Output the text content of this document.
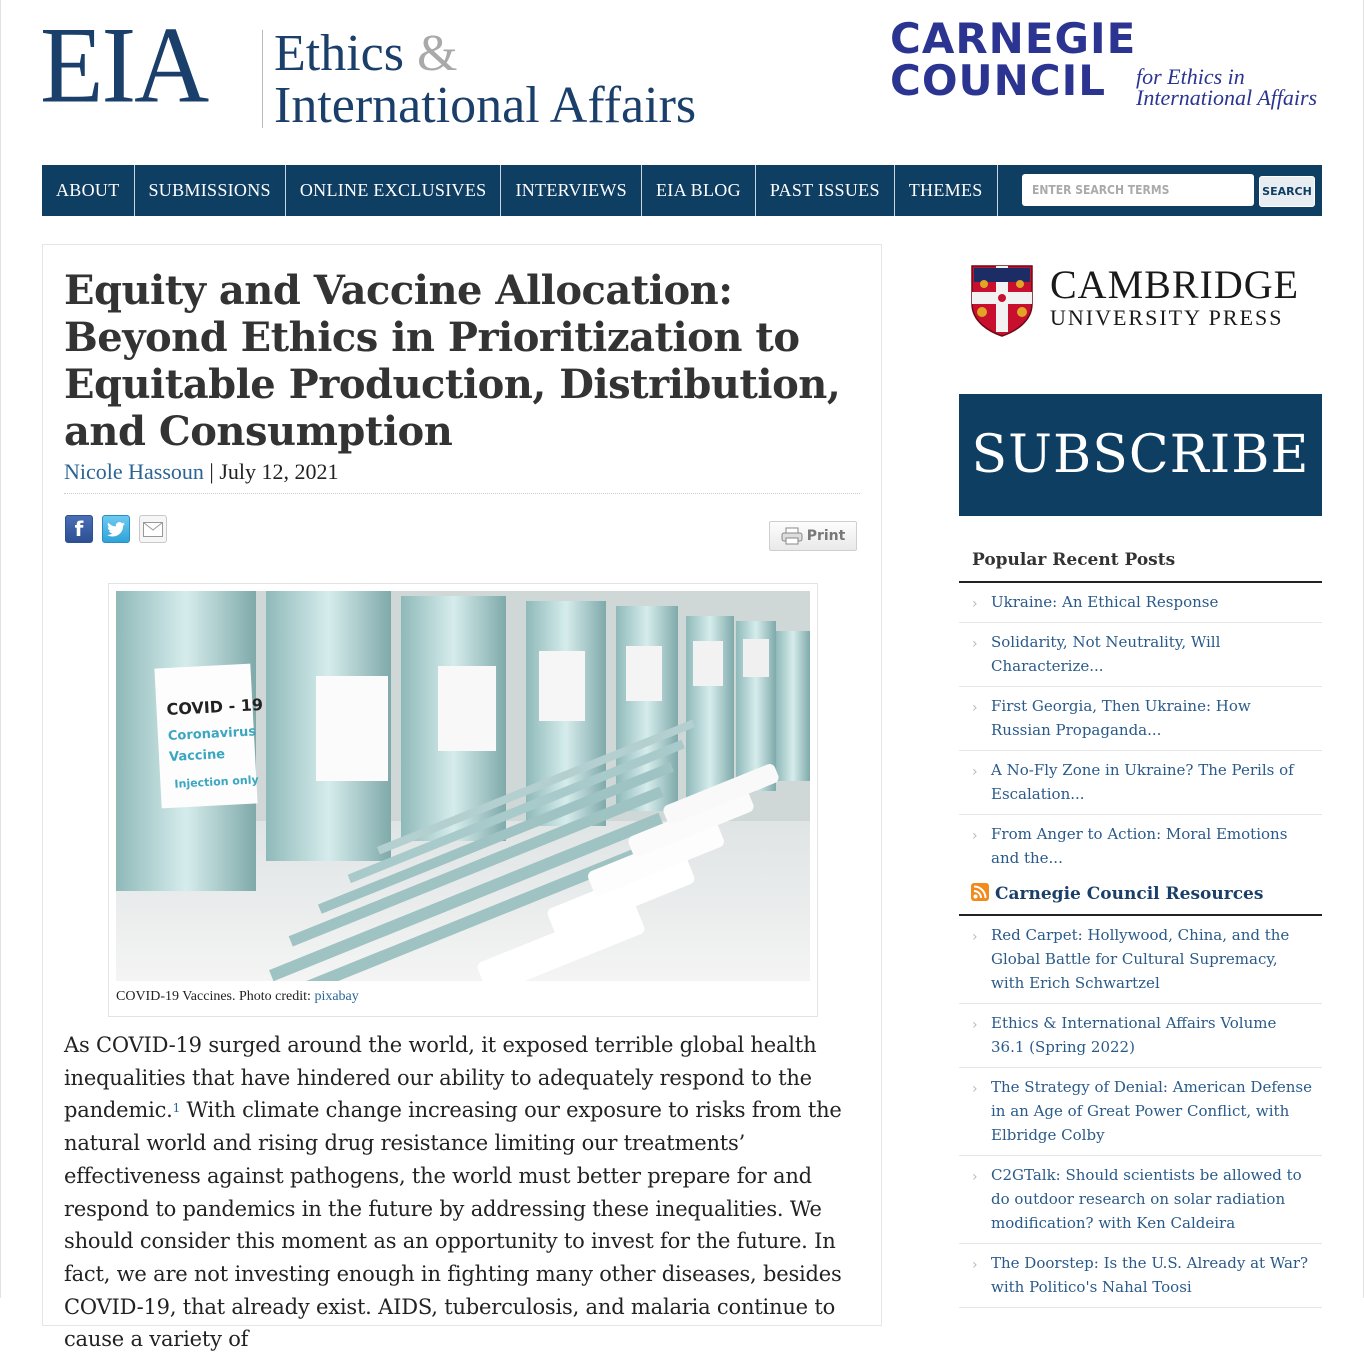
EIA Ethics &
International Affairs
CARNEGIE
COUNCIL	for Ethics in
International Affairs
ABOUT	SUBMISSIONS	ONLINE EXCLUSIVES	INTERVIEWS	EIA BLOG	PAST ISSUES	THEMES
ENTER SEARCH TERMS	SEARCH
Equity and Vaccine Allocation: Beyond Ethics in Prioritization to Equitable Production, Distribution, and Consumption
Nicole Hassoun | July 12, 2021
f	Print
COVID - 19
Coronavirus
Vaccine
Injection only
COVID-19 Vaccines. Photo credit: pixabay

As COVID-19 surged around the world, it exposed terrible global health inequalities that have hindered our ability to adequately respond to the pandemic.$^1$ With climate change increasing our exposure to risks from the natural world and rising drug resistance limiting our treatments’ effectiveness against pathogens, the world must better prepare for and respond to pandemics in the future by addressing these inequalities. We should consider this moment as an opportunity to invest for the future. In fact, we are not investing enough in fighting many other diseases, besides COVID-19, that already exist. AIDS, tuberculosis, and malaria continue to cause a variety of

CAMBRIDGE
UNIVERSITY PRESS
SUBSCRIBE
Popular Recent Posts
› Ukraine: An Ethical Response
› Solidarity, Not Neutrality, Will Characterize...
› First Georgia, Then Ukraine: How Russian Propaganda...
› A No-Fly Zone in Ukraine? The Perils of Escalation...
› From Anger to Action: Moral Emotions and the...
Carnegie Council Resources
› Red Carpet: Hollywood, China, and the Global Battle for Cultural Supremacy, with Erich Schwartzel
› Ethics & International Affairs Volume 36.1 (Spring 2022)
› The Strategy of Denial: American Defense in an Age of Great Power Conflict, with Elbridge Colby
› C2GTalk: Should scientists be allowed to do outdoor research on solar radiation modification? with Ken Caldeira
› The Doorstep: Is the U.S. Already at War? with Politico's Nahal Toosi
